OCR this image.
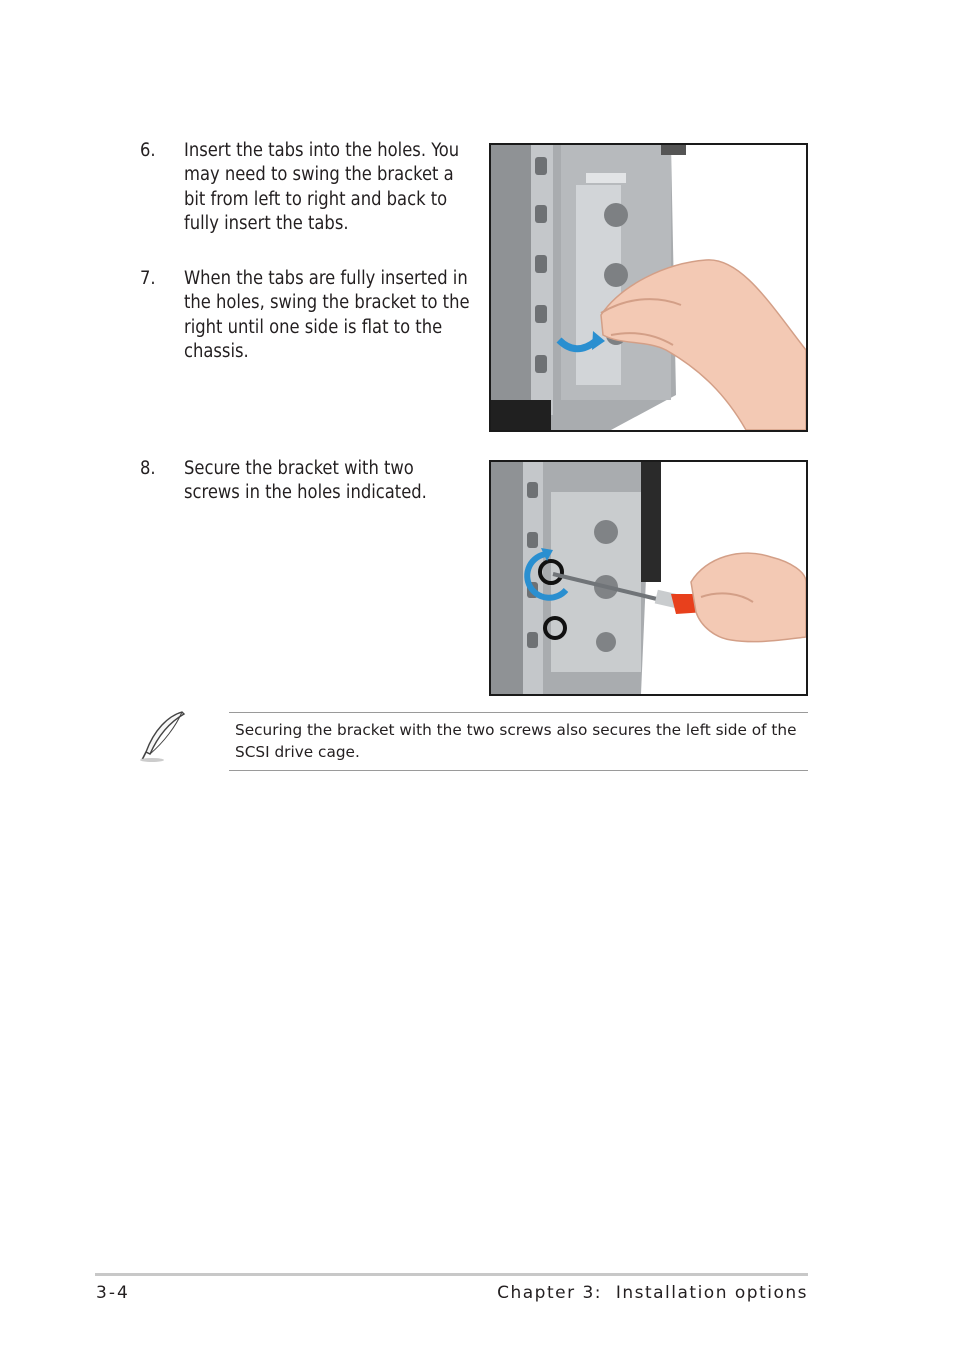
6. Insert the tabs into the holes. You may need to swing the bracket a bit from left to right and back to fully insert the tabs.
7. When the tabs are fully inserted in the holes, swing the bracket to the right until one side is flat to the chassis.
8. Secure the bracket with two screws in the holes indicated.
Securing the bracket with the two screws also secures the left side of the SCSI drive cage.
3-4	Chapter 3:  Installation options
